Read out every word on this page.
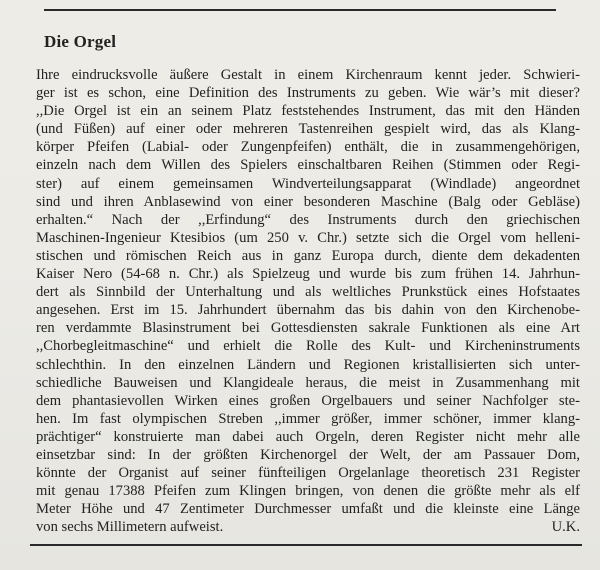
Die Orgel
Ihre eindrucksvolle äußere Gestalt in einem Kirchenraum kennt jeder. Schwieri-
ger ist es schon, eine Definition des Instruments zu geben. Wie wär’s mit dieser?
,,Die Orgel ist ein an seinem Platz feststehendes Instrument, das mit den Händen
(und Füßen) auf einer oder mehreren Tastenreihen gespielt wird, das als Klang-
körper Pfeifen (Labial- oder Zungenpfeifen) enthält, die in zusammengehörigen,
einzeln nach dem Willen des Spielers einschaltbaren Reihen (Stimmen oder Regi-
ster) auf einem gemeinsamen Windverteilungsapparat (Windlade) angeordnet
sind und ihren Anblasewind von einer besonderen Maschine (Balg oder Gebläse)
erhalten.“ Nach der ,,Erfindung“ des Instruments durch den griechischen
Maschinen-Ingenieur Ktesibios (um 250 v. Chr.) setzte sich die Orgel vom helleni-
stischen und römischen Reich aus in ganz Europa durch, diente dem dekadenten
Kaiser Nero (54-68 n. Chr.) als Spielzeug und wurde bis zum frühen 14. Jahrhun-
dert als Sinnbild der Unterhaltung und als weltliches Prunkstück eines Hofstaates
angesehen. Erst im 15. Jahrhundert übernahm das bis dahin von den Kirchenobe-
ren verdammte Blasinstrument bei Gottesdiensten sakrale Funktionen als eine Art
,,Chorbegleitmaschine“ und erhielt die Rolle des Kult- und Kircheninstruments
schlechthin. In den einzelnen Ländern und Regionen kristallisierten sich unter-
schiedliche Bauweisen und Klangideale heraus, die meist in Zusammenhang mit
dem phantasievollen Wirken eines großen Orgelbauers und seiner Nachfolger ste-
hen. Im fast olympischen Streben ,,immer größer, immer schöner, immer klang-
prächtiger“ konstruierte man dabei auch Orgeln, deren Register nicht mehr alle
einsetzbar sind: In der größten Kirchenorgel der Welt, der am Passauer Dom,
könnte der Organist auf seiner fünfteiligen Orgelanlage theoretisch 231 Register
mit genau 17388 Pfeifen zum Klingen bringen, von denen die größte mehr als elf
Meter Höhe und 47 Zentimeter Durchmesser umfaßt und die kleinste eine Länge
von sechs Millimetern aufweist.	U.K.
